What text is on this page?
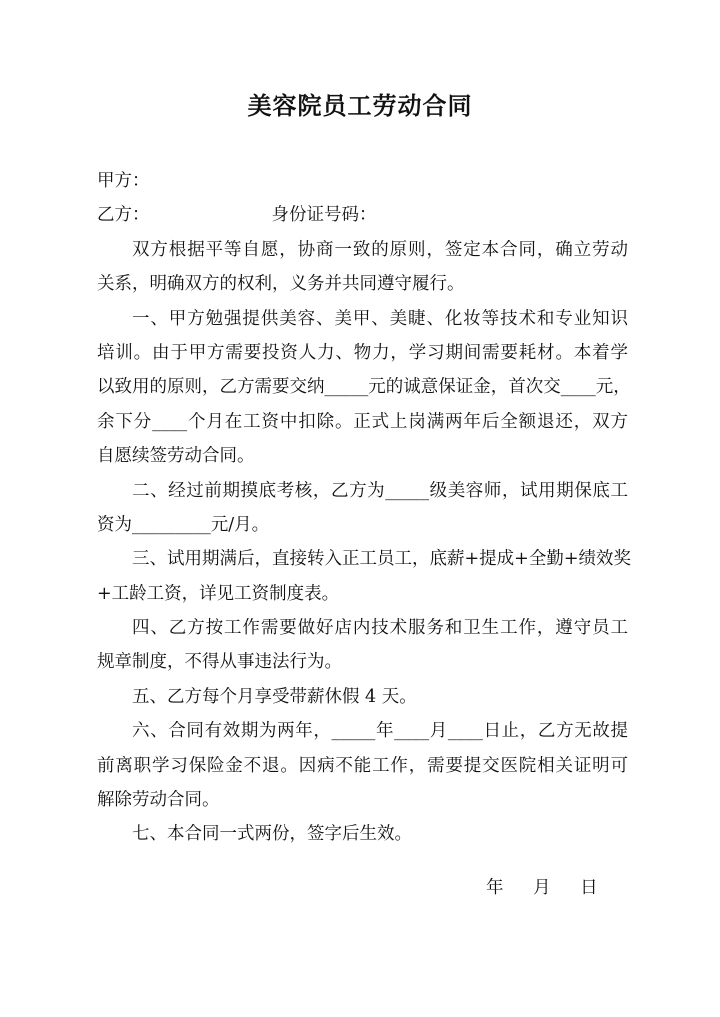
美容院员工劳动合同
甲方：
乙方：	身份证号码：
双方根据平等自愿，协商一致的原则，签定本合同，确立劳动
关系，明确双方的权利，义务并共同遵守履行。
一、甲方勉强提供美容、美甲、美睫、化妆等技术和专业知识
培训。由于甲方需要投资人力、物力，学习期间需要耗材。本着学
以致用的原则，乙方需要交纳_____元的诚意保证金，首次交____元，
余下分____个月在工资中扣除。正式上岗满两年后全额退还，双方
自愿续签劳动合同。
二、经过前期摸底考核，乙方为_____级美容师，试用期保底工
资为_________元/月。
三、试用期满后，直接转入正工员工，底薪+提成+全勤+绩效奖
+工龄工资，详见工资制度表。
四、乙方按工作需要做好店内技术服务和卫生工作，遵守员工
规章制度，不得从事违法行为。
五、乙方每个月享受带薪休假 4 天。
六、合同有效期为两年，_____年____月____日止，乙方无故提
前离职学习保险金不退。因病不能工作，需要提交医院相关证明可
解除劳动合同。
七、本合同一式两份，签字后生效。
年 月 日
